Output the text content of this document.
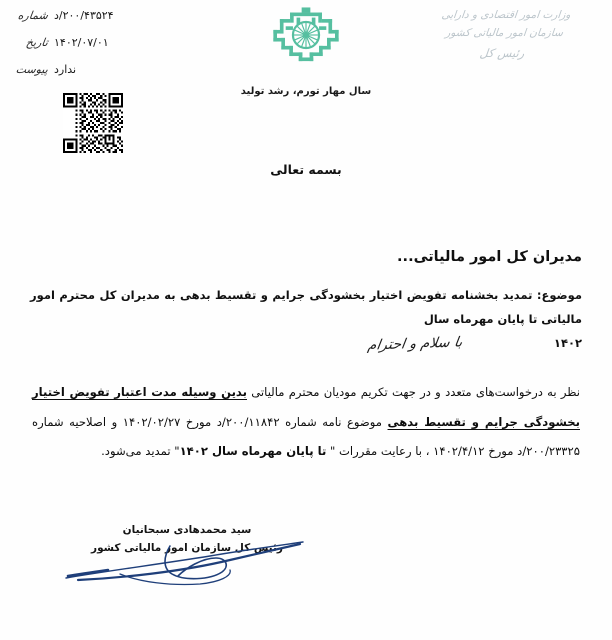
وزارت امور اقتصادی و دارایی
سازمان امور مالیاتی کشور
رئیس کل
شماره ۲۰۰/۴۳۵۲۴/د
تاریخ ۱۴۰۲/۰۷/۰۱
پیوست ندارد
سال مهار تورم، رشد تولید
بسمه تعالی
مدیران کل امور مالیاتی...
موضوع: تمدید بخشنامه تفویض اختیار بخشودگی جرایم و تقسیط بدهی به مدیران کل محترم امور مالیاتی تا پایان مهرماه سال
۱۴۰۲
با سلام و احترام

نظر به درخواست‌های متعدد و در جهت تکریم مودیان محترم مالیاتی بدین وسیله مدت اعتبار تفویض اختیار بخشودگی جرایم و تقسیط بدهی موضوع نامه شماره ۲۰۰/۱۱۸۴۲/د مورخ ۱۴۰۲/۰۲/۲۷ و اصلاحیه شماره ۲۰۰/۲۳۳۲۵/د مورخ ۱۴۰۲/۴/۱۲ ، با رعایت مقررات " تا پایان مهرماه سال ۱۴۰۲" تمدید می‌شود.

سید محمدهادی سبحانیان
رئیس کل سازمان امور مالیاتی کشور
